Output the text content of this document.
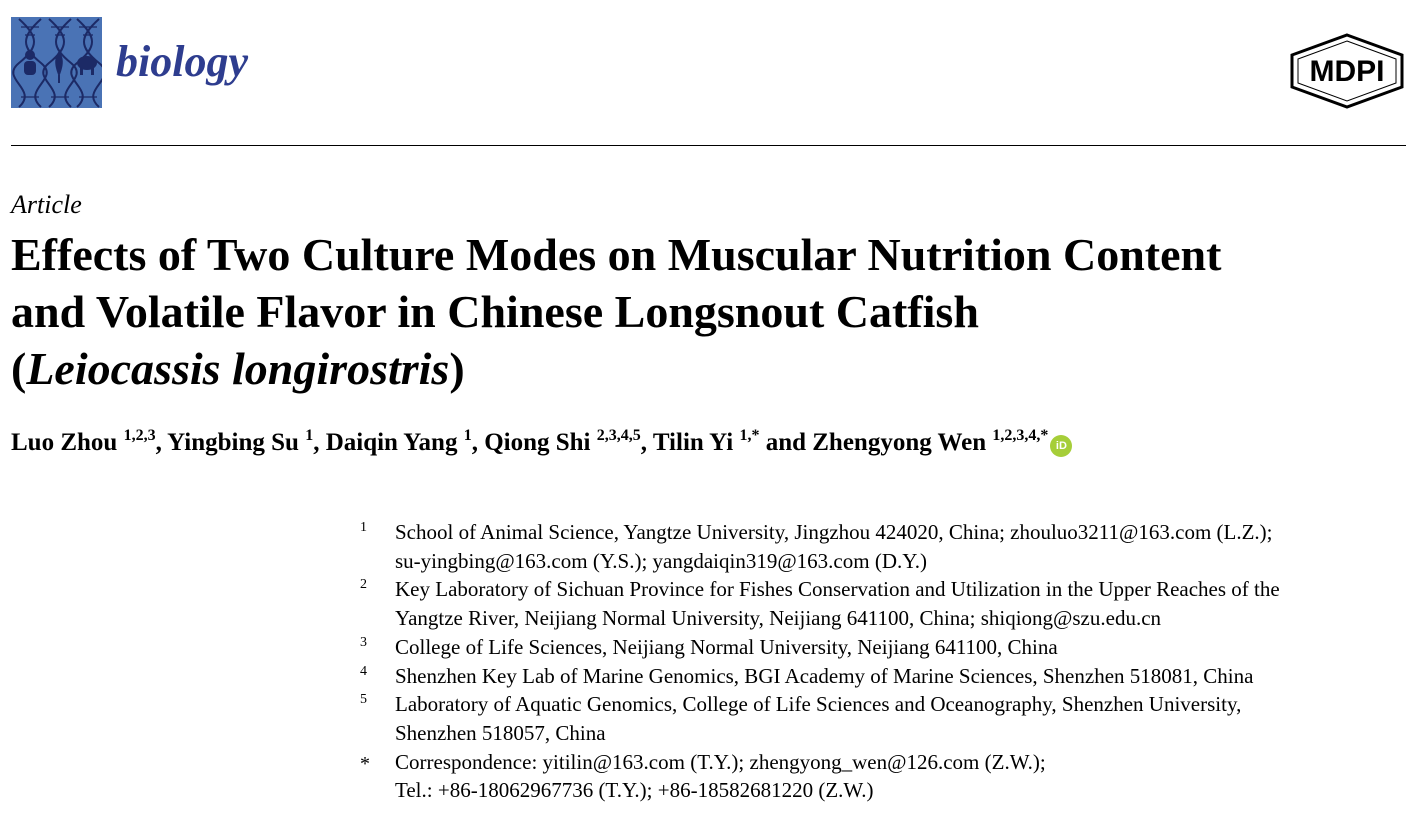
biology	MDPI
Article
Effects of Two Culture Modes on Muscular Nutrition Content
and Volatile Flavor in Chinese Longsnout Catfish
(Leiocassis longirostris)
Luo Zhou $^{1,2,3}$, Yingbing Su $^1$, Daiqin Yang $^1$, Qiong Shi $^{2,3,4,5}$, Tilin Yi $^{1,*}$ and Zhengyong Wen $^{1,2,3,4,*}$iD
1 School of Animal Science, Yangtze University, Jingzhou 424020, China; zhouluo3211@163.com (L.Z.);
su-yingbing@163.com (Y.S.); yangdaiqin319@163.com (D.Y.)
2 Key Laboratory of Sichuan Province for Fishes Conservation and Utilization in the Upper Reaches of the
Yangtze River, Neijiang Normal University, Neijiang 641100, China; shiqiong@szu.edu.cn
3 College of Life Sciences, Neijiang Normal University, Neijiang 641100, China
4 Shenzhen Key Lab of Marine Genomics, BGI Academy of Marine Sciences, Shenzhen 518081, China
5 Laboratory of Aquatic Genomics, College of Life Sciences and Oceanography, Shenzhen University,
Shenzhen 518057, China
* Correspondence: yitilin@163.com (T.Y.); zhengyong_wen@126.com (Z.W.);
Tel.: +86-18062967736 (T.Y.); +86-18582681220 (Z.W.)
